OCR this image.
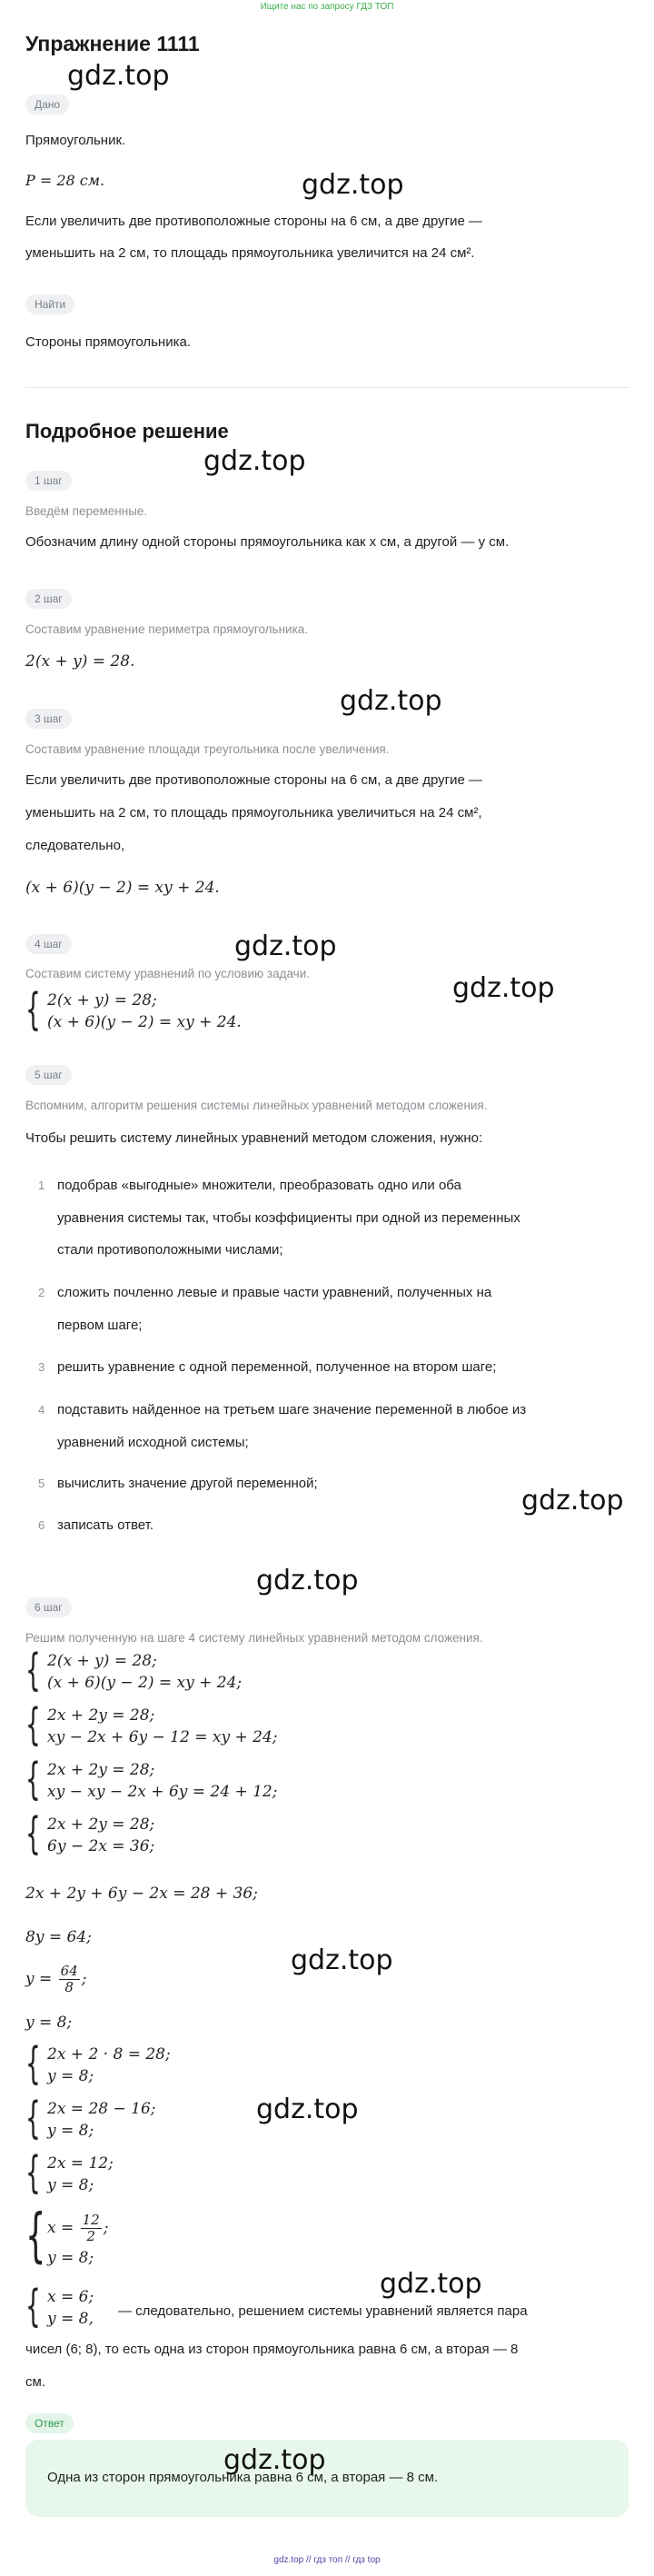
Ищите нас по запросу ГДЗ ТОП
Упражнение 1111
gdz.top
Дано
Прямоугольник.
P = 28 см.	gdz.top
Если увеличить две противоположные стороны на 6 см, а две другие —
уменьшить на 2 см, то площадь прямоугольника увеличится на 24 см².
Найти
Стороны прямоугольника.
Подробное решение
gdz.top
1 шаг
Введём переменные.
Обозначим длину одной стороны прямоугольника как x см, а другой — y см.
2 шаг
Составим уравнение периметра прямоугольника.
2(x + y) = 28.
gdz.top
3 шаг
Составим уравнение площади треугольника после увеличения.
Если увеличить две противоположные стороны на 6 см, а две другие —
уменьшить на 2 см, то площадь прямоугольника увеличиться на 24 см²,
следовательно,
(x + 6)(y − 2) = xy + 24.
gdz.top
4 шаг
Составим систему уравнений по условию задачи.	gdz.top
{ 2(x + y) = 28;
(x + 6)(y − 2) = xy + 24.
5 шаг
Вспомним, алгоритм решения системы линейных уравнений методом сложения.
Чтобы решить систему линейных уравнений методом сложения, нужно:
1 подобрав «выгодные» множители, преобразовать одно или оба
уравнения системы так, чтобы коэффициенты при одной из переменных
стали противоположными числами;
2 сложить почленно левые и правые части уравнений, полученных на
первом шаге;
3 решить уравнение с одной переменной, полученное на втором шаге;
4 подставить найденное на третьем шаге значение переменной в любое из
уравнений исходной системы;
5 вычислить значение другой переменной;
gdz.top
6 записать ответ.
gdz.top
6 шаг
Решим полученную на шаге 4 систему линейных уравнений методом сложения.
{ 2(x + y) = 28;
(x + 6)(y − 2) = xy + 24;
{ 2x + 2y = 28;
xy − 2x + 6y − 12 = xy + 24;
{ 2x + 2y = 28;
xy − xy − 2x + 6y = 24 + 12;
{ 2x + 2y = 28;
6y − 2x = 36;
2x + 2y + 6y − 2x = 28 + 36;
8y = 64;
$y = \frac{64}{8}$ ;
gdz.top
y = 8;
{ 2x + 2 · 8 = 28;
y = 8;
{ 2x = 28 − 16;
y = 8;
gdz.top
{ 2x = 12;
y = 8;
{ $x = \frac{12}{2}$ ;
y = 8;
gdz.top
{ x = 6;
y = 8, — следовательно, решением системы уравнений является пара
чисел (6; 8), то есть одна из сторон прямоугольника равна 6 см, а вторая — 8
см.
Ответ
gdz.top
Одна из сторон прямоугольника равна 6 см, а вторая — 8 см.
gdz.top // гдз топ // гдз top
